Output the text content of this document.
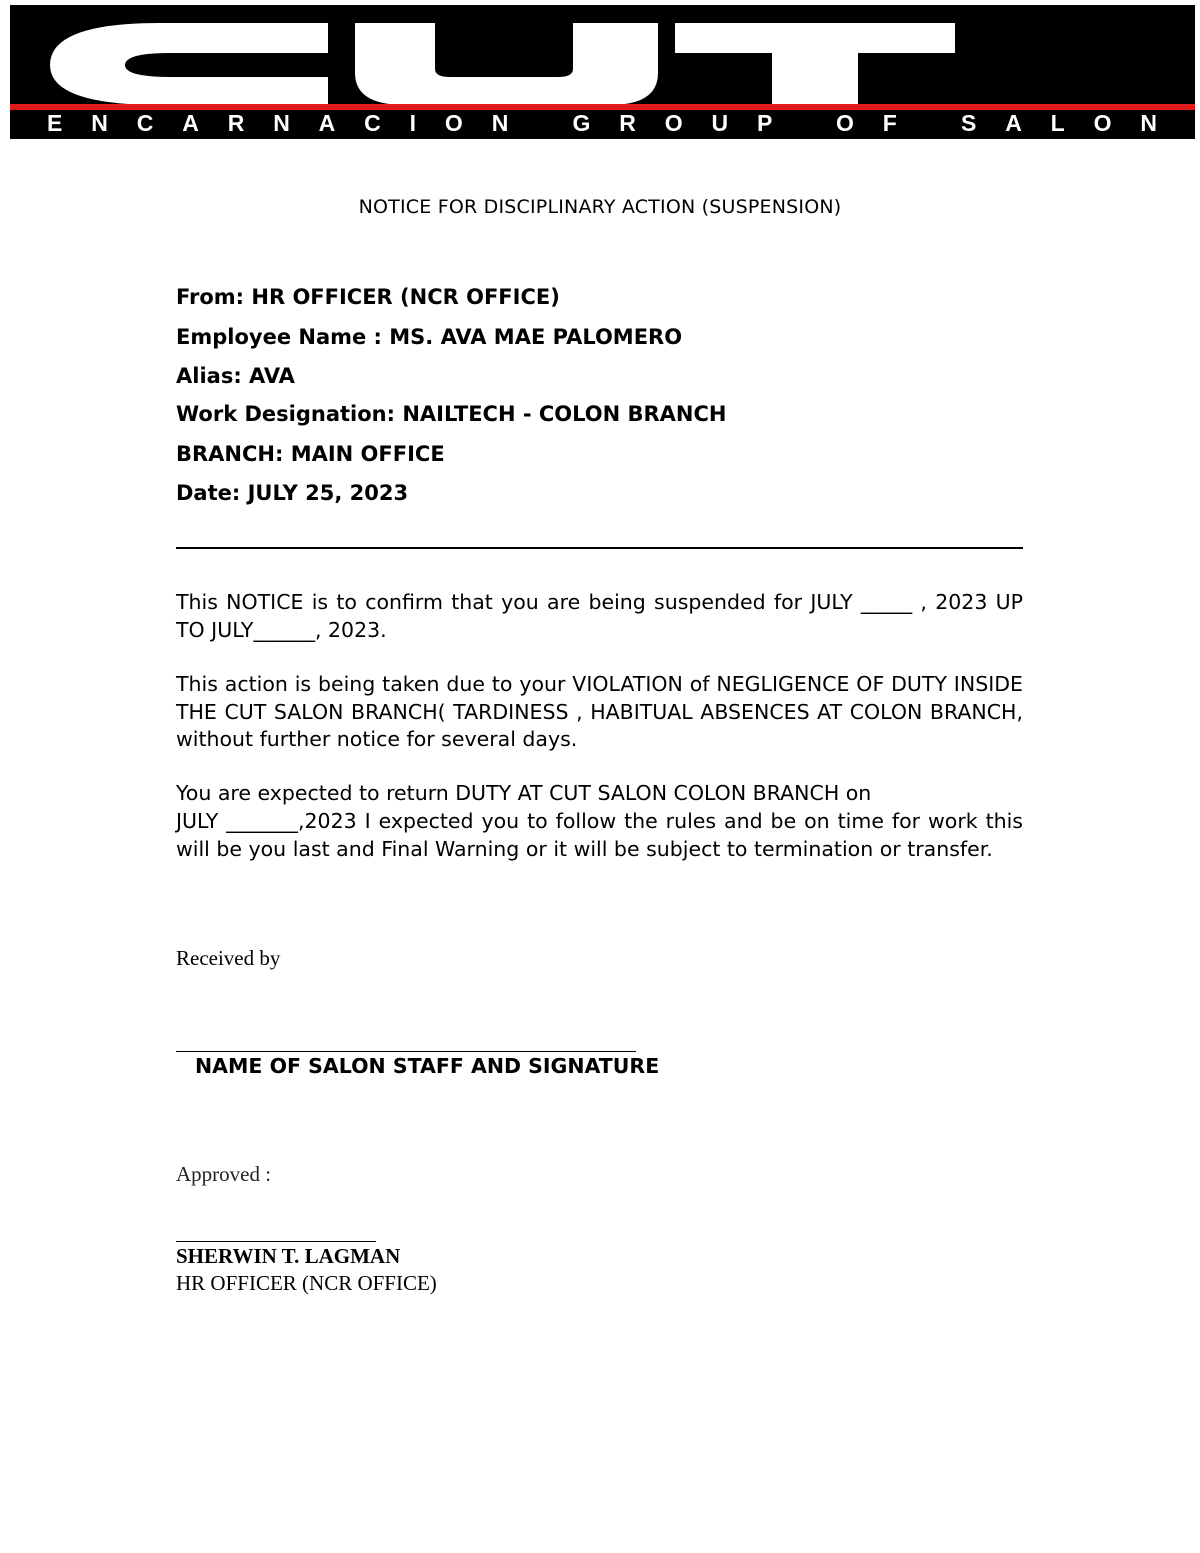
ENCARNACION GROUP OF SALON
NOTICE FOR DISCIPLINARY ACTION (SUSPENSION)
From: HR OFFICER (NCR OFFICE)
Employee Name : MS. AVA MAE PALOMERO
Alias: AVA
Work Designation: NAILTECH - COLON BRANCH
BRANCH: MAIN OFFICE
Date: JULY 25, 2023
This NOTICE is to confirm that you are being suspended for JULY _____ , 2023 UP TO JULY______, 2023.
This action is being taken due to your VIOLATION of NEGLIGENCE OF DUTY INSIDE THE CUT SALON BRANCH( TARDINESS , HABITUAL ABSENCES AT COLON BRANCH, without further notice for several days.
You are expected to return DUTY AT CUT SALON COLON BRANCH on
JULY _______,2023 I expected you to follow the rules and be on time for work this will be you last and Final Warning or it will be subject to termination or transfer.
Received by
NAME OF SALON STAFF AND SIGNATURE
Approved :
SHERWIN T. LAGMAN
HR OFFICER (NCR OFFICE)
